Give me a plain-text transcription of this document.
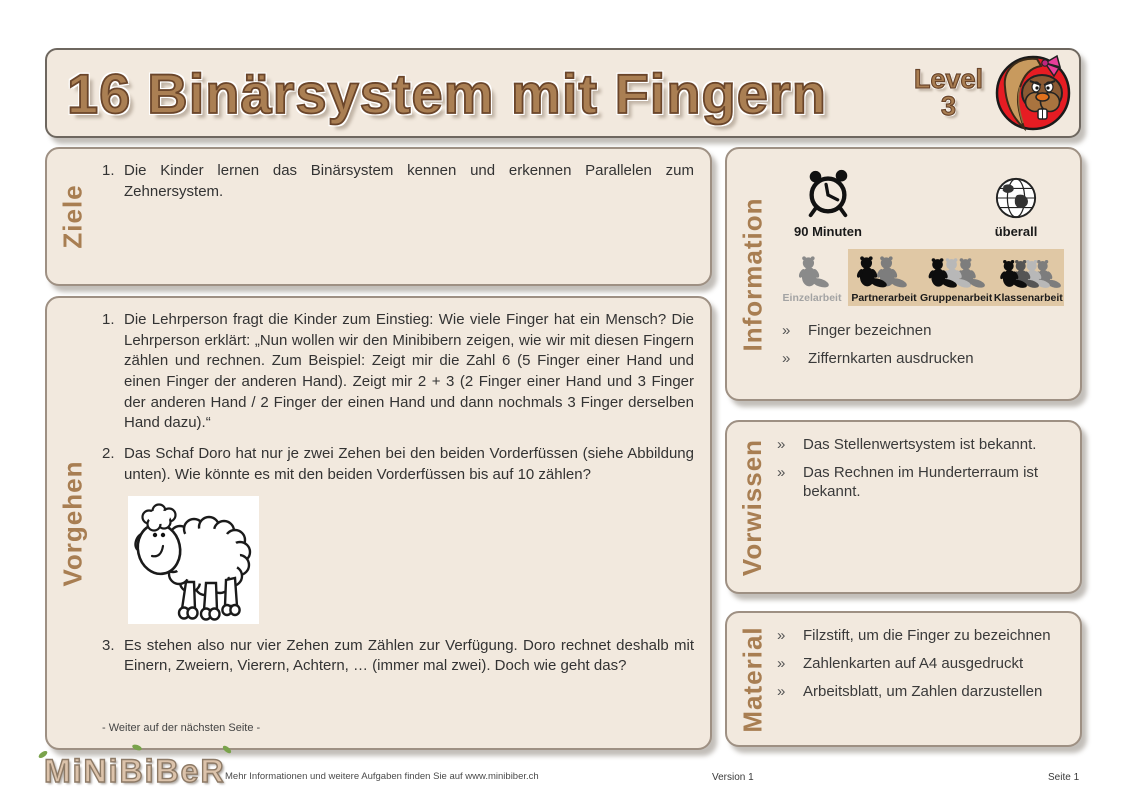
16 Binärsystem mit Fingern	Level
3
Ziele
1. Die Kinder lernen das Binärsystem kennen und erkennen Parallelen zum Zehnersystem.
Vorgehen
1. Die Lehrperson fragt die Kinder zum Einstieg: Wie viele Finger hat ein Mensch? Die Lehrperson erklärt: „Nun wollen wir den Minibibern zeigen, wie wir mit diesen Fingern zählen und rechnen. Zum Beispiel: Zeigt mir die Zahl 6 (5 Finger einer Hand und einen Finger der anderen Hand). Zeigt mir 2 + 3 (2 Finger einer Hand und 3 Finger der anderen Hand / 2 Finger der einen Hand und dann nochmals 3 Finger derselben Hand dazu).“
2. Das Schaf Doro hat nur je zwei Zehen bei den beiden Vorderfüssen (siehe Abbildung unten). Wie könnte es mit den beiden Vorderfüssen bis auf 10 zählen?
3. Es stehen also nur vier Zehen zum Zählen zur Verfügung. Doro rechnet deshalb mit Einern, Zweiern, Vierern, Achtern, … (immer mal zwei). Doch wie geht das?
- Weiter auf der nächsten Seite -
Information 90 Minuten	überall
Einzelarbeit Partnerarbeit Gruppenarbeit Klassenarbeit
»	Finger bezeichnen
»	Ziffernkarten ausdrucken
Vorwissen »	Das Stellenwertsystem ist bekannt.
»	Das Rechnen im Hunderterraum ist bekannt.
Material »	Filzstift, um die Finger zu bezeichnen
»	Zahlenkarten auf A4 ausgedruckt
»	Arbeitsblatt, um Zahlen darzustellen
MiNiBiBeR Mehr Informationen und weitere Aufgaben finden Sie auf www.minibiber.ch	Version 1	Seite 1
